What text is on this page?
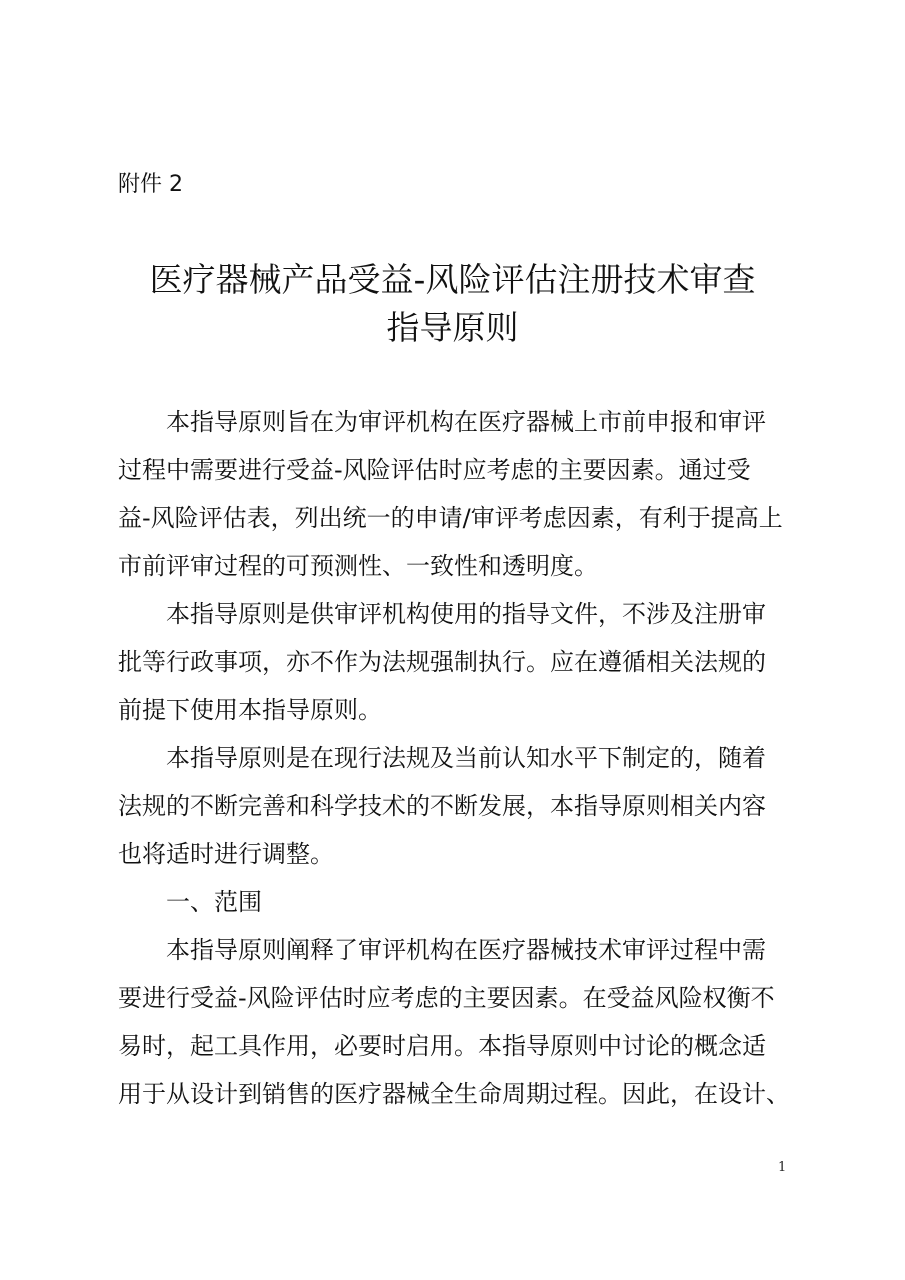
附件 2
医疗器械产品受益-风险评估注册技术审查
指导原则
本指导原则旨在为审评机构在医疗器械上市前申报和审评
过程中需要进行受益-风险评估时应考虑的主要因素。通过受
益-风险评估表，列出统一的申请/审评考虑因素，有利于提高上
市前评审过程的可预测性、一致性和透明度。
本指导原则是供审评机构使用的指导文件，不涉及注册审
批等行政事项，亦不作为法规强制执行。应在遵循相关法规的
前提下使用本指导原则。
本指导原则是在现行法规及当前认知水平下制定的，随着
法规的不断完善和科学技术的不断发展，本指导原则相关内容
也将适时进行调整。
一、范围
本指导原则阐释了审评机构在医疗器械技术审评过程中需
要进行受益-风险评估时应考虑的主要因素。在受益风险权衡不
易时，起工具作用，必要时启用。本指导原则中讨论的概念适
用于从设计到销售的医疗器械全生命周期过程。因此，在设计、
1
